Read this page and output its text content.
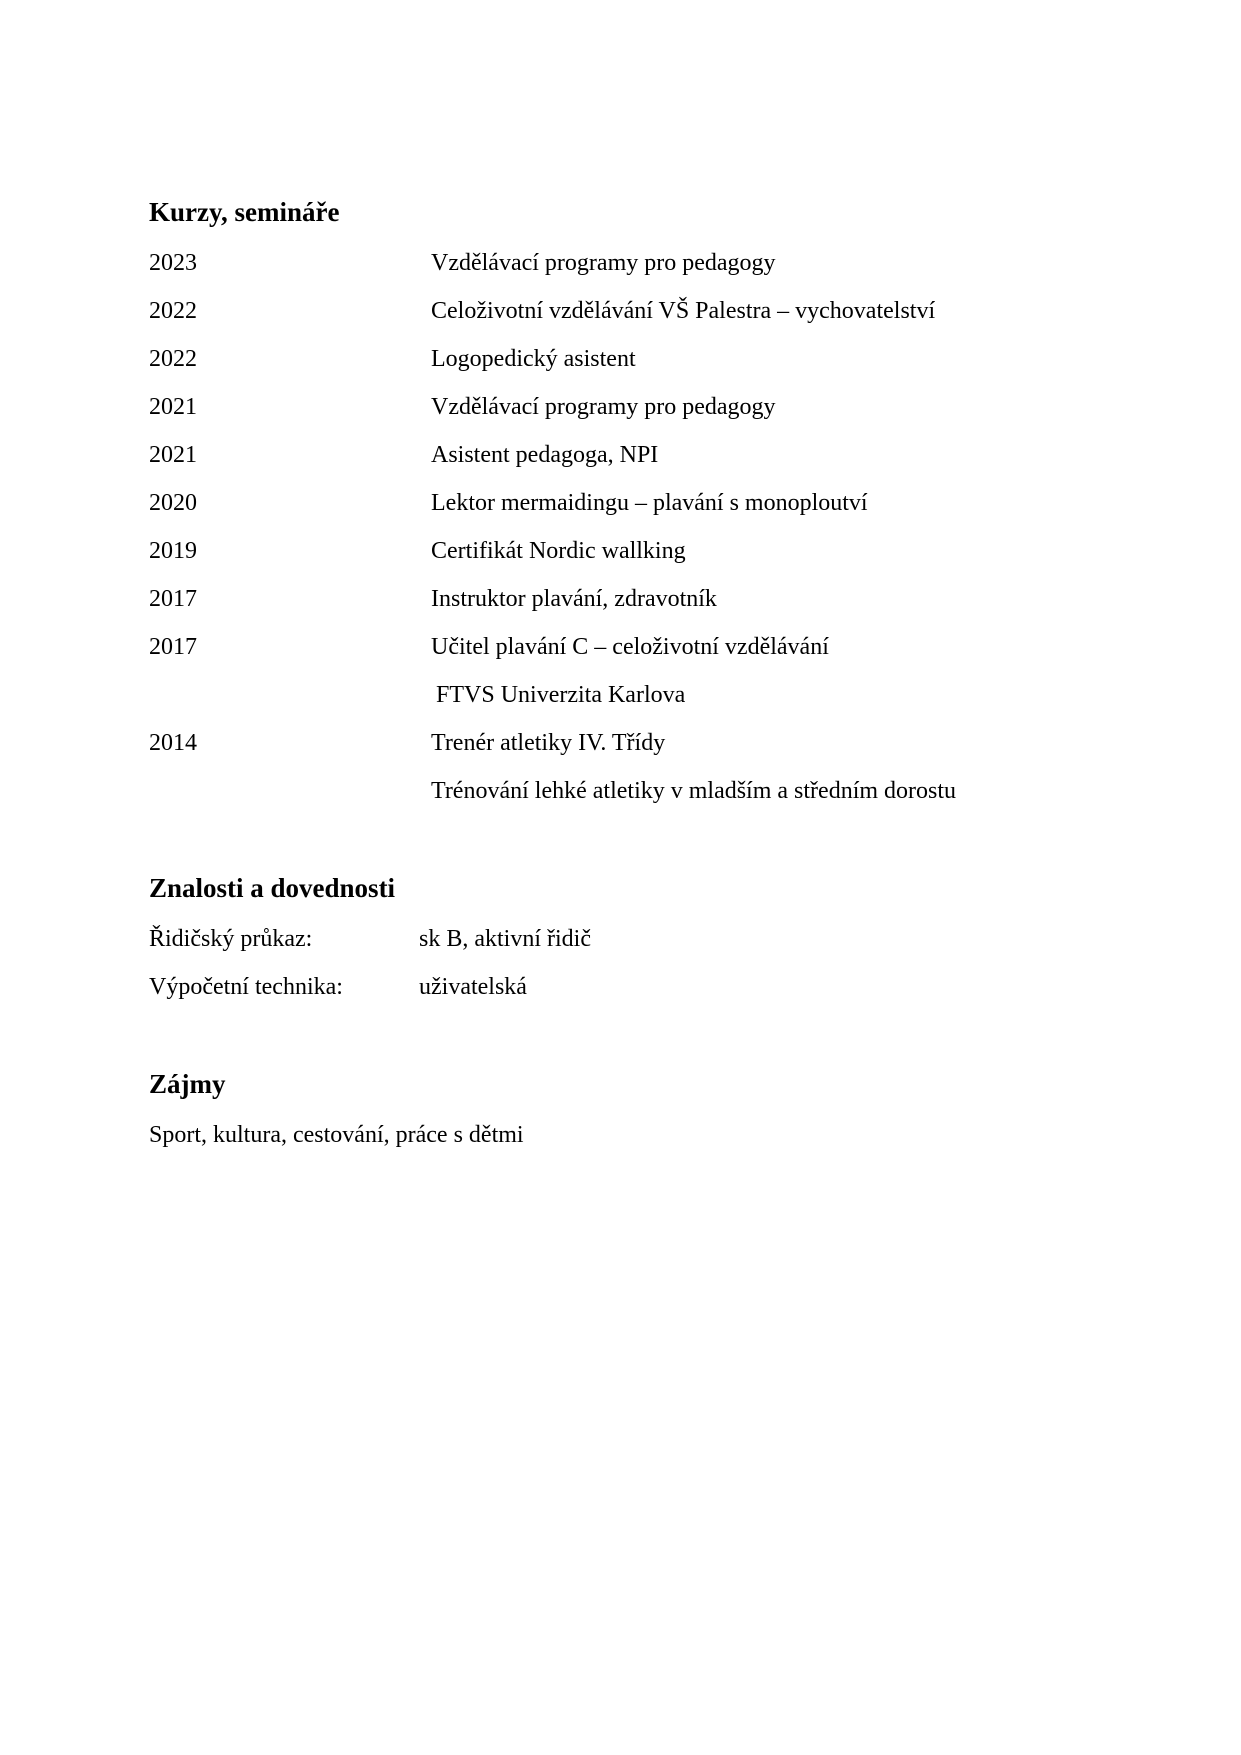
Kurzy, semináře
2023	Vzdělávací programy pro pedagogy
2022	Celoživotní vzdělávání VŠ Palestra – vychovatelství
2022	Logopedický asistent
2021	Vzdělávací programy pro pedagogy
2021	Asistent pedagoga, NPI
2020	Lektor mermaidingu – plavání s monoploutví
2019	Certifikát Nordic wallking
2017	Instruktor plavání, zdravotník
2017	Učitel plavání C – celoživotní vzdělávání
FTVS Univerzita Karlova
2014	Trenér atletiky IV. Třídy
Trénování lehké atletiky v mladším a středním dorostu
Znalosti a dovednosti
Řidičský průkaz:	sk B, aktivní řidič
Výpočetní technika:	uživatelská
Zájmy
Sport, kultura, cestování, práce s dětmi
